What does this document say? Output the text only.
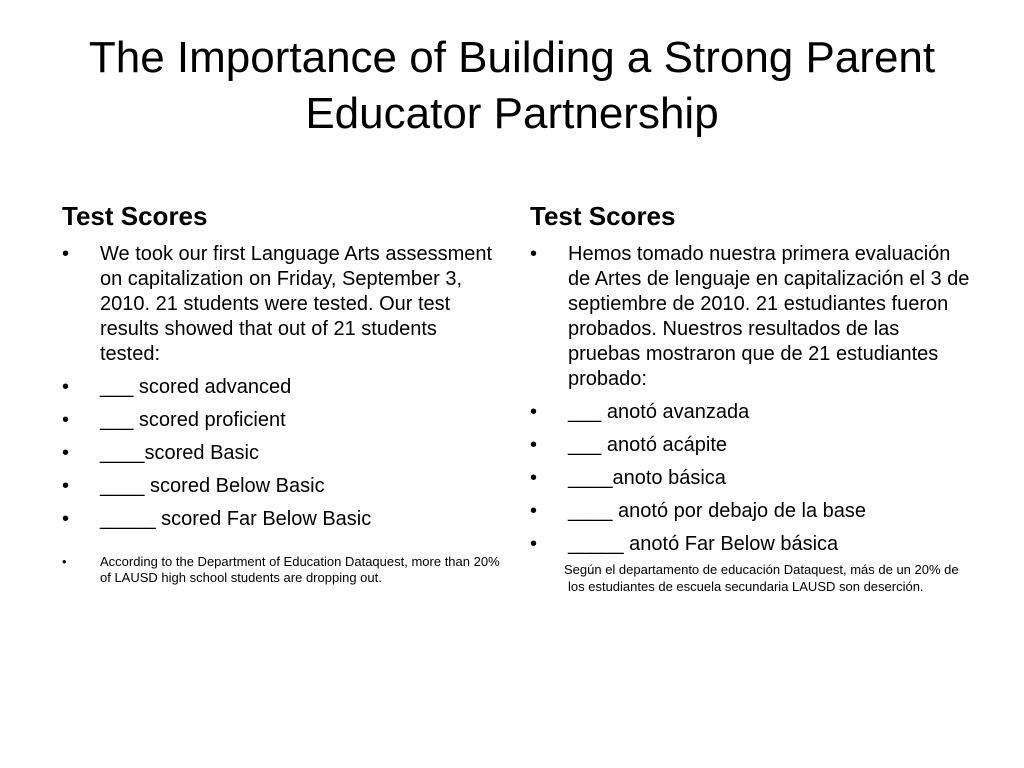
The Importance of Building a Strong Parent Educator Partnership
Test Scores
•	We took our first Language Arts assessment on capitalization on Friday, September 3, 2010. 21 students were tested. Our test results showed that out of 21 students tested:
•	___ scored advanced
•	___ scored proficient
•	____scored Basic
•	____ scored Below Basic
•	_____ scored Far Below Basic
•	According to the Department of Education Dataquest, more than 20% of LAUSD high school students are dropping out.
Test Scores
•	Hemos tomado nuestra primera evaluación de Artes de lenguaje en capitalización el 3 de septiembre de 2010. 21 estudiantes fueron probados. Nuestros resultados de las pruebas mostraron que de 21 estudiantes probado:
•	___ anotó avanzada
•	___ anotó acápite
•	____anoto básica
•	____ anotó por debajo de la base
•	_____ anotó Far Below básica
Según el departamento de educación Dataquest, más de un 20% de los estudiantes de escuela secundaria LAUSD son deserción.
